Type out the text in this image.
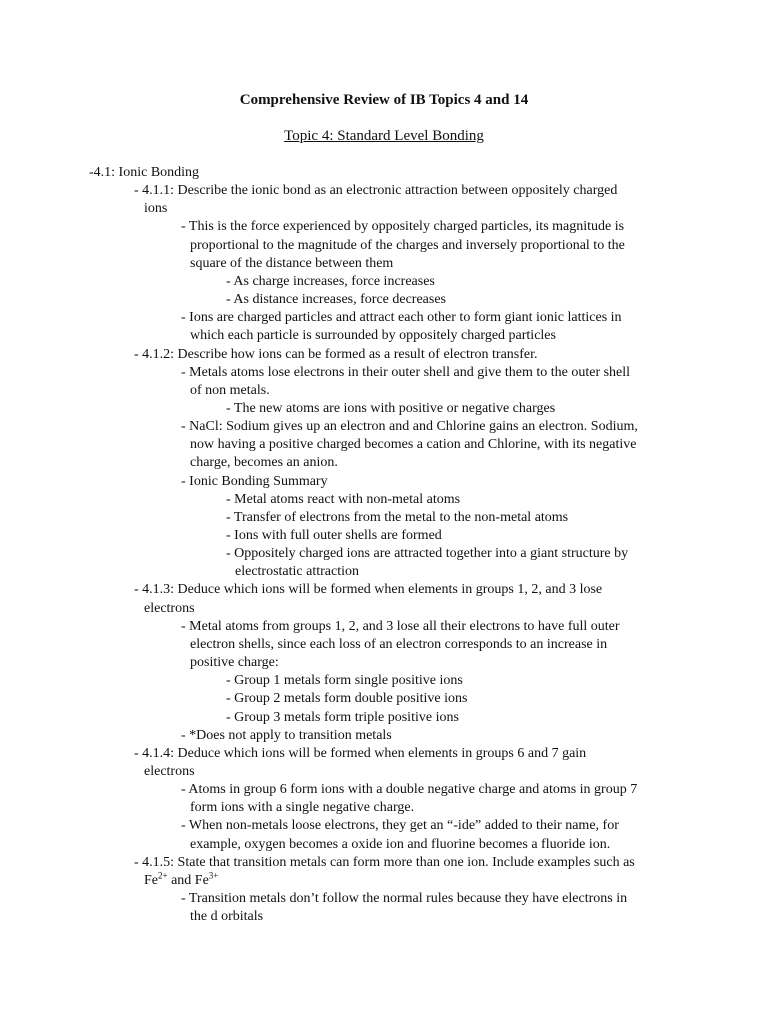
Comprehensive Review of IB Topics 4 and 14
Topic 4: Standard Level Bonding
-4.1: Ionic Bonding
- 4.1.1: Describe the ionic bond as an electronic attraction between oppositely charged
ions
- This is the force experienced by oppositely charged particles, its magnitude is
proportional to the magnitude of the charges and inversely proportional to the
square of the distance between them
- As charge increases, force increases
- As distance increases, force decreases
- Ions are charged particles and attract each other to form giant ionic lattices in
which each particle is surrounded by oppositely charged particles
- 4.1.2: Describe how ions can be formed as a result of electron transfer.
- Metals atoms lose electrons in their outer shell and give them to the outer shell
of non metals.
- The new atoms are ions with positive or negative charges
- NaCl: Sodium gives up an electron and and Chlorine gains an electron. Sodium,
now having a positive charged becomes a cation and Chlorine, with its negative
charge, becomes an anion.
- Ionic Bonding Summary
- Metal atoms react with non-metal atoms
- Transfer of electrons from the metal to the non-metal atoms
- Ions with full outer shells are formed
- Oppositely charged ions are attracted together into a giant structure by
electrostatic attraction
- 4.1.3: Deduce which ions will be formed when elements in groups 1, 2, and 3 lose
electrons
- Metal atoms from groups 1, 2, and 3 lose all their electrons to have full outer
electron shells, since each loss of an electron corresponds to an increase in
positive charge:
- Group 1 metals form single positive ions
- Group 2 metals form double positive ions
- Group 3 metals form triple positive ions
- *Does not apply to transition metals
- 4.1.4: Deduce which ions will be formed when elements in groups 6 and 7 gain
electrons
- Atoms in group 6 form ions with a double negative charge and atoms in group 7
form ions with a single negative charge.
- When non-metals loose electrons, they get an “-ide” added to their name, for
example, oxygen becomes a oxide ion and fluorine becomes a fluoride ion.
- 4.1.5: State that transition metals can form more than one ion. Include examples such as
$Fe^{2+}$ and $Fe^{3+}$
- Transition metals don’t follow the normal rules because they have electrons in
the d orbitals
